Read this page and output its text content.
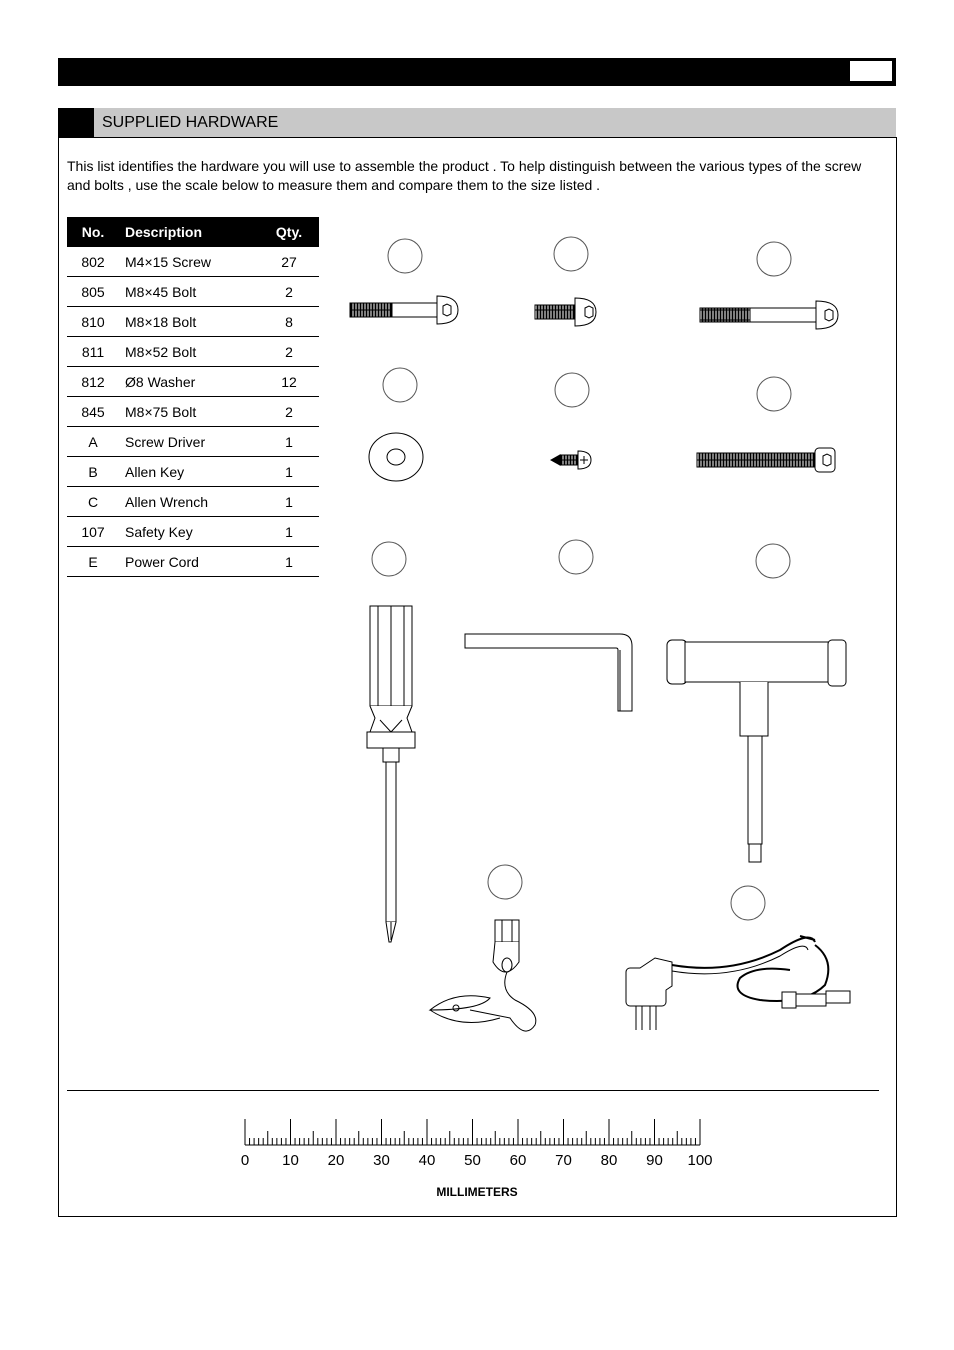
SUPPLIED HARDWARE
This list identifies the hardware you will use to assemble the product . To help distinguish between the various types of the screw and bolts , use the scale below to measure them and compare them to the size listed .
No.	Description	Qty.
802	M4×15 Screw	27
805	M8×45 Bolt	2
810	M8×18 Bolt	8
811	M8×52 Bolt	2
812	Ø8 Washer	12
845	M8×75 Bolt	2
A	Screw Driver	1
B	Allen Key	1
C	Allen Wrench	1
107	Safety Key	1
E	Power Cord	1
0 10 20 30 40 50 60 70 80 90 100
MILLIMETERS
